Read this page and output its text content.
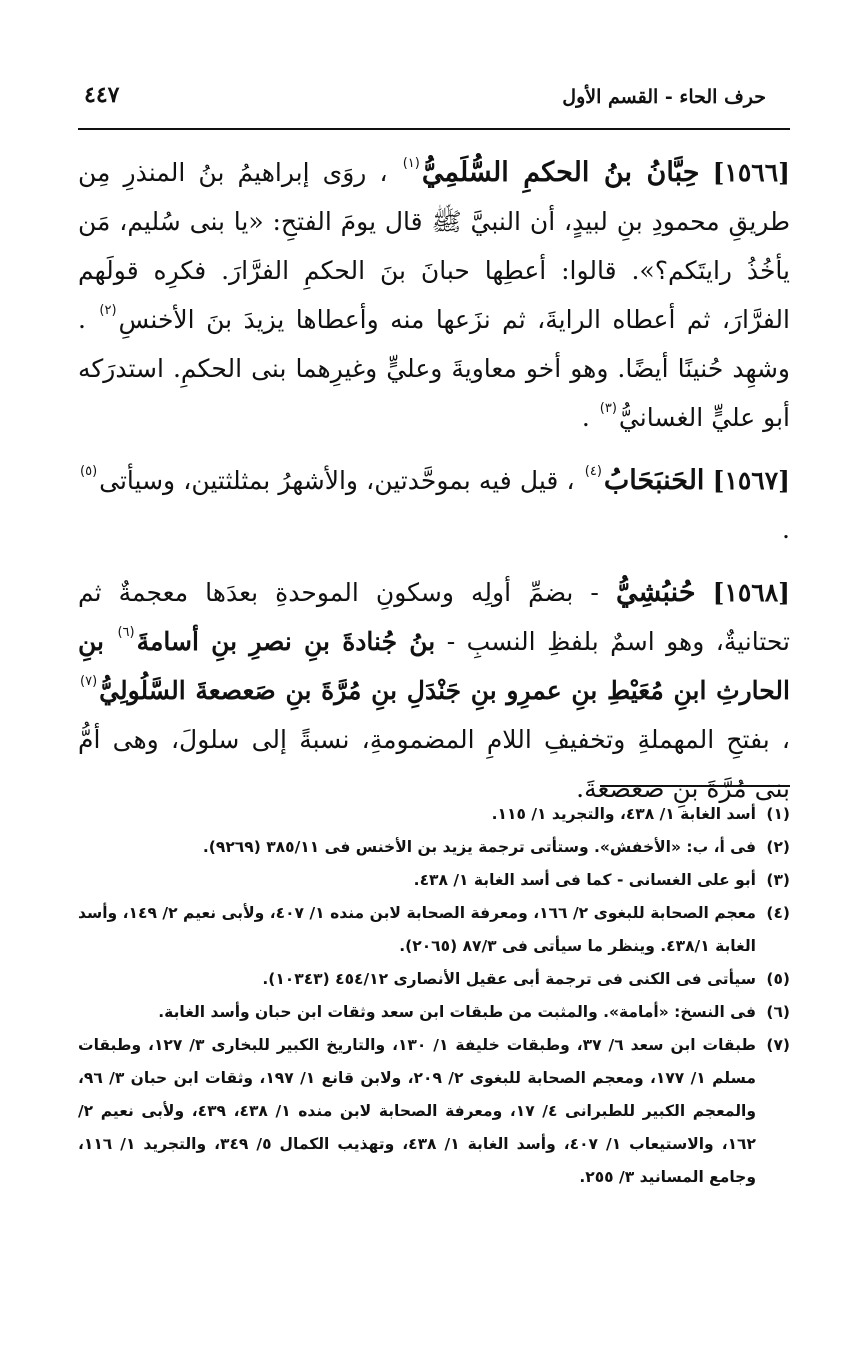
٤٤٧	حرف الحاء - القسم الأول

[١٥٦٦] حِبَّانُ بنُ الحكمِ السُّلَمِيُّ$^{(١)}$ ، روَى إبراهيمُ بنُ المنذرِ مِن طريقِ محمودِ بنِ لبيدٍ، أن النبيَّ ﷺ قال يومَ الفتحِ: «يا بنى سُليم، مَن يأخُذُ رايتَكم؟». قالوا: أعطِها حبانَ بنَ الحكمِ الفرَّارَ. فكرِه قولَهم الفرَّارَ، ثم أعطاه الرايةَ، ثم نزَعها منه وأعطاها يزيدَ بنَ الأخنسِ$^{(٢)}$ . وشهِد حُنينًا أيضًا. وهو أخو معاويةَ وعليٍّ وغيرِهما بنى الحكمِ. استدرَكه أبو عليٍّ الغسانيُّ$^{(٣)}$ .

[١٥٦٧] الحَنبَحَابُ$^{(٤)}$ ، قيل فيه بموحَّدتين، والأشهرُ بمثلثتين، وسيأتى$^{(٥)}$ .

[١٥٦٨] حُنبُشِيُّ - بضمِّ أولِه وسكونِ الموحدةِ بعدَها معجمةٌ ثم تحتانيةٌ، وهو اسمٌ بلفظِ النسبِ - بنُ جُنادةَ بنِ نصرِ بنِ أسامةَ$^{(٦)}$ بنِ الحارثِ ابنِ مُعَيْطِ بنِ عمرِو بنِ جَنْدَلِ بنِ مُرَّةَ بنِ صَعصعةَ السَّلُولِيُّ$^{(٧)}$ ، بفتحِ المهملةِ وتخفيفِ اللامِ المضمومةِ، نسبةً إلى سلولَ، وهى أمُّ بنى مُرَّةَ بنِ صعصعةَ.

(١)
أسد الغابة ١/ ٤٣٨، والتجريد ١/ ١١٥.

(٢)
فى أ، ب: «الأخفش». وستأتى ترجمة يزيد بن الأخنس فى ٣٨٥/١١ (٩٢٦٩).

(٣)
أبو على الغسانى - كما فى أسد الغابة ١/ ٤٣٨.

(٤)
معجم الصحابة للبغوى ٢/ ١٦٦، ومعرفة الصحابة لابن منده ١/ ٤٠٧، ولأبى نعيم ٢/ ١٤٩، وأسد الغابة ٤٣٨/١. وينظر ما سيأتى فى ٨٧/٣ (٢٠٦٥).

(٥)
سيأتى فى الكنى فى ترجمة أبى عقيل الأنصارى ٤٥٤/١٢ (١٠٣٤٣).

(٦)
فى النسخ: «أمامة». والمثبت من طبقات ابن سعد وثقات ابن حبان وأسد الغابة.

(٧)
طبقات ابن سعد ٦/ ٣٧، وطبقات خليفة ١/ ١٣٠، والتاريخ الكبير للبخارى ٣/ ١٢٧، وطبقات مسلم ١/ ١٧٧، ومعجم الصحابة للبغوى ٢/ ٢٠٩، ولابن قانع ١/ ١٩٧، وثقات ابن حبان ٣/ ٩٦، والمعجم الكبير للطبرانى ٤/ ١٧، ومعرفة الصحابة لابن منده ١/ ٤٣٨، ٤٣٩، ولأبى نعيم ٢/ ١٦٢، والاستيعاب ١/ ٤٠٧، وأسد الغابة ١/ ٤٣٨، وتهذيب الكمال ٥/ ٣٤٩، والتجريد ١/ ١١٦، وجامع المسانيد ٣/ ٢٥٥.
